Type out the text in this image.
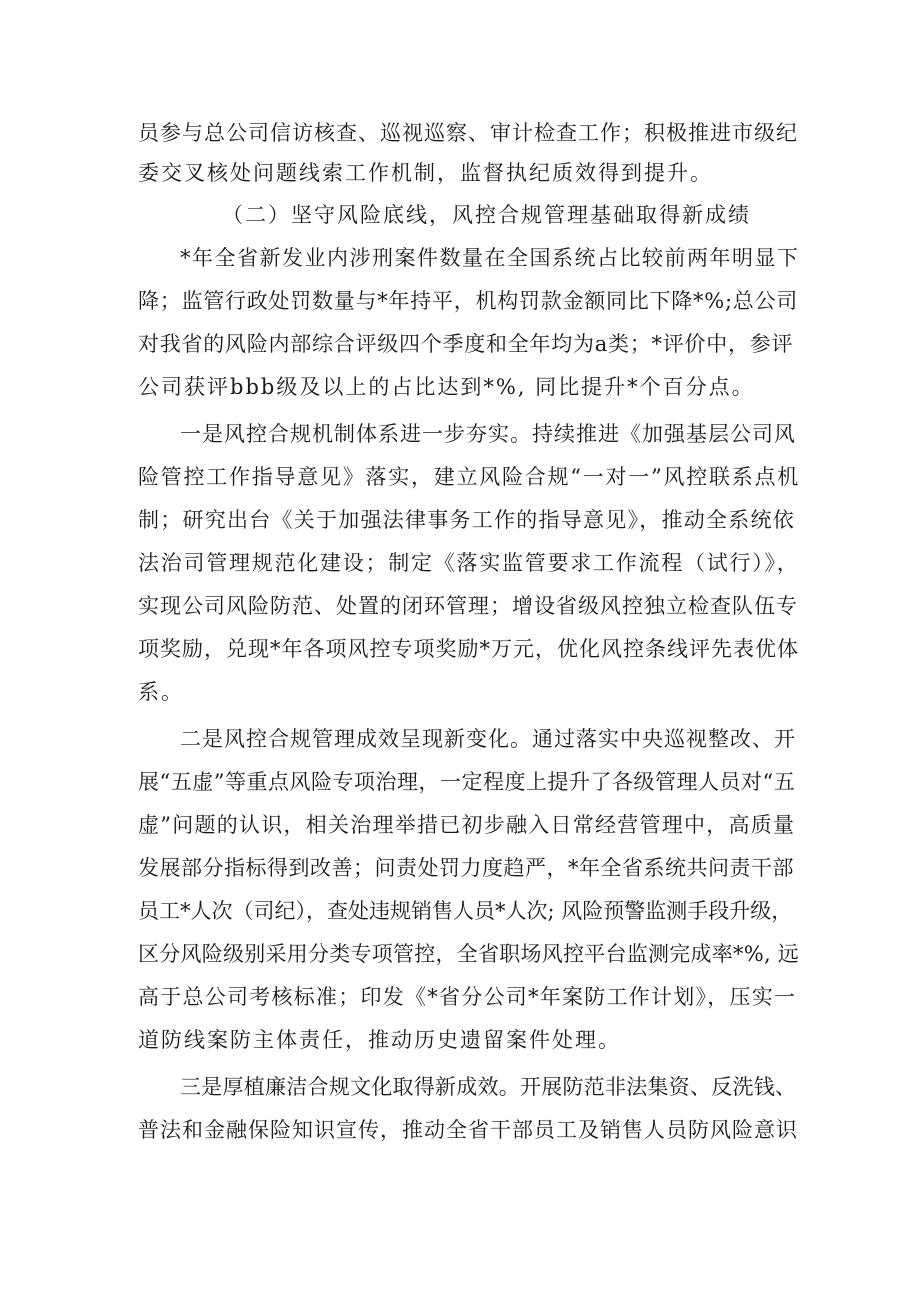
员参与总公司信访核查、巡视巡察、审计检查工作；积极推进市级纪
委交叉核处问题线索工作机制，监督执纪质效得到提升。
（二）坚守风险底线，风控合规管理基础取得新成绩
*年全省新发业内涉刑案件数量在全国系统占比较前两年明显下
降；监管行政处罚数量与*年持平，机构罚款金额同比下降*%;总公司
对我省的风险内部综合评级四个季度和全年均为a类；*评价中，参评
公司获评bbb级及以上的占比达到*%, 同比提升*个百分点。
一是风控合规机制体系进一步夯实。持续推进《加强基层公司风
险管控工作指导意见》落实，建立风险合规“一对一”风控联系点机
制；研究出台《关于加强法律事务工作的指导意见》，推动全系统依
法治司管理规范化建设；制定《落实监管要求工作流程（试行）》，
实现公司风险防范、处置的闭环管理；增设省级风控独立检查队伍专
项奖励，兑现*年各项风控专项奖励*万元，优化风控条线评先表优体
系。
二是风控合规管理成效呈现新变化。通过落实中央巡视整改、开
展“五虚”等重点风险专项治理，一定程度上提升了各级管理人员对“五
虚”问题的认识，相关治理举措已初步融入日常经营管理中，高质量
发展部分指标得到改善；问责处罚力度趋严，*年全省系统共问责干部
员工*人次（司纪），查处违规销售人员*人次; 风险预警监测手段升级，
区分风险级别采用分类专项管控，全省职场风控平台监测完成率*%, 远
高于总公司考核标准；印发《*省分公司*年案防工作计划》，压实一
道防线案防主体责任，推动历史遗留案件处理。
三是厚植廉洁合规文化取得新成效。开展防范非法集资、反洗钱、
普法和金融保险知识宣传，推动全省干部员工及销售人员防风险意识
